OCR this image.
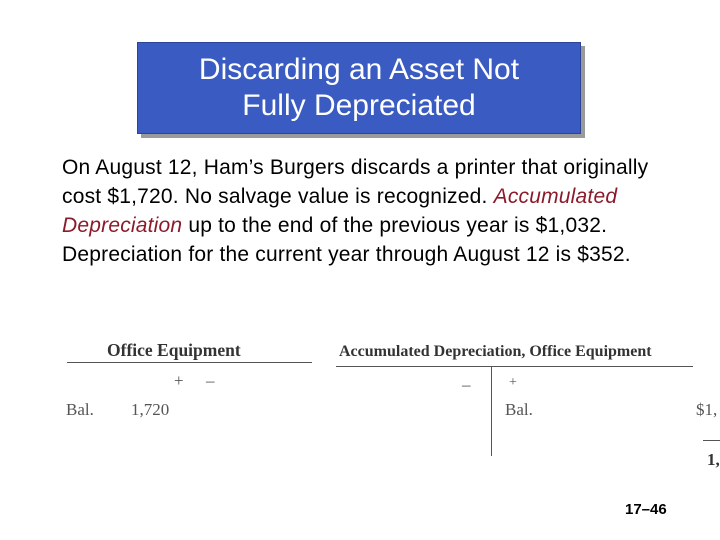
Discarding an Asset Not
Fully Depreciated
On August 12, Ham’s Burgers discards a printer that originally cost $1,720. No salvage value is recognized. Accumulated Depreciation up to the end of the previous year is $1,032. Depreciation for the current year through August 12 is $352.
Office Equipment
+ –
Bal. 1,720
Accumulated Depreciation, Office Equipment
–	+
Bal.	$1,
1,
17–46
